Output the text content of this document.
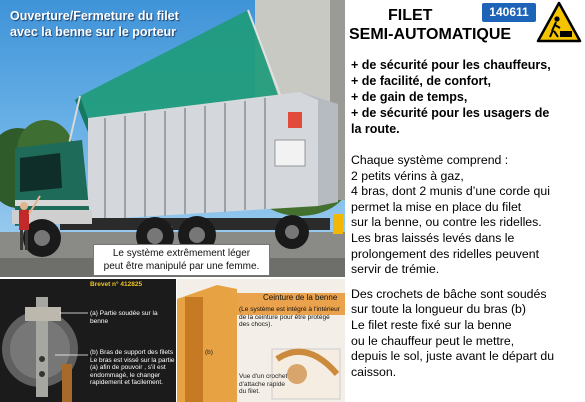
Ouverture/Fermeture du filet
avec la benne sur le porteur
Le système extrêmement léger
peut être manipulé par une femme.
Brevet n° 412825
(a) Partie soudée sur la benne
(b) Bras de support des filets
Le bras est vissé sur la partie
(a) afin de pouvoir , s'il est
endommagé, le changer
rapidement et facilement.
Ceinture de la benne
(Le système est intégré à l'intérieur
de la ceinture pour être protégé
des chocs).
(b)
Vue d'un crochet
d'attache rapide
du filet.
FILET
SEMI-AUTOMATIQUE
140611
+ de sécurité pour les chauffeurs,
+ de facilité, de confort,
+ de gain de temps,
+ de sécurité pour les usagers de
la route.
Chaque système comprend :
2 petits vérins à gaz,
4 bras, dont 2 munis d’une corde qui
permet la mise en place du filet
sur la benne, ou contre les ridelles.
Les bras laissés levés dans le
prolongement des ridelles peuvent
servir de trémie.
Des crochets de bâche sont soudés
sur toute la longueur du bras (b)
Le filet reste fixé sur la benne
ou le chauffeur peut le mettre,
depuis le sol, juste avant le départ du
caisson.
